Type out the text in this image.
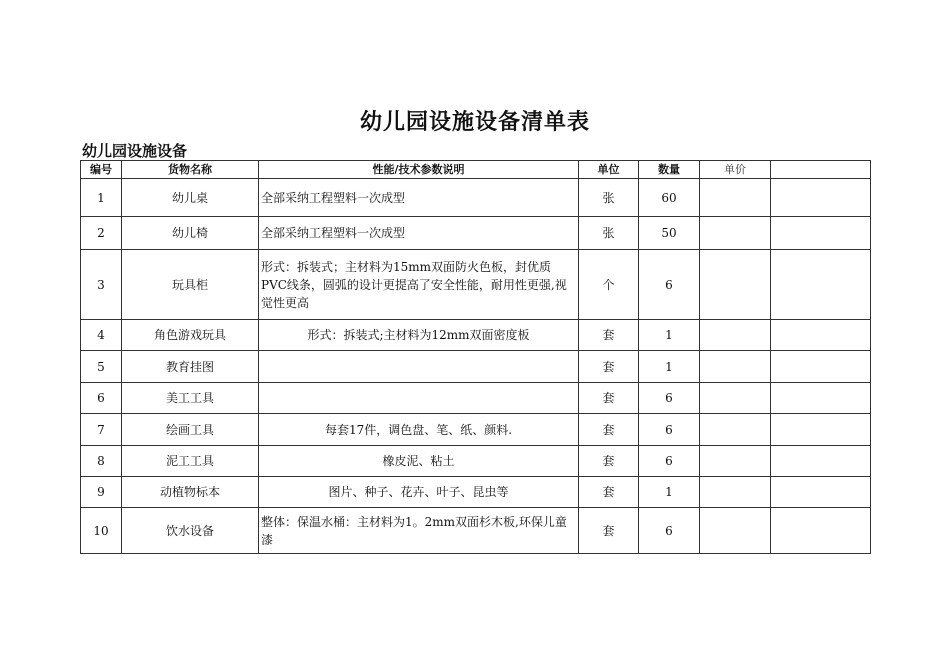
幼儿园设施设备清单表
幼儿园设施设备
编号	货物名称	性能/技术参数说明	单位	数量	单价	
1	幼儿桌	全部采纳工程塑料一次成型	张	60		
2	幼儿椅	全部采纳工程塑料一次成型	张	50		
3	玩具柜	形式：拆装式；主材料为15mm双面防火色板，封优质PVC线条，圆弧的设计更提高了安全性能，耐用性更强,视觉性更高	个	6		
4	角色游戏玩具	形式：拆装式;主材料为12mm双面密度板	套	1		
5	教育挂图		套	1		
6	美工工具		套	6		
7	绘画工具	每套17件，调色盘、笔、纸、颜料.	套	6		
8	泥工工具	橡皮泥、粘土	套	6		
9	动植物标本	图片、种子、花卉、叶子、昆虫等	套	1		
10	饮水设备	整体：保温水桶：主材料为1。2mm双面杉木板,环保儿童漆	套	6		
